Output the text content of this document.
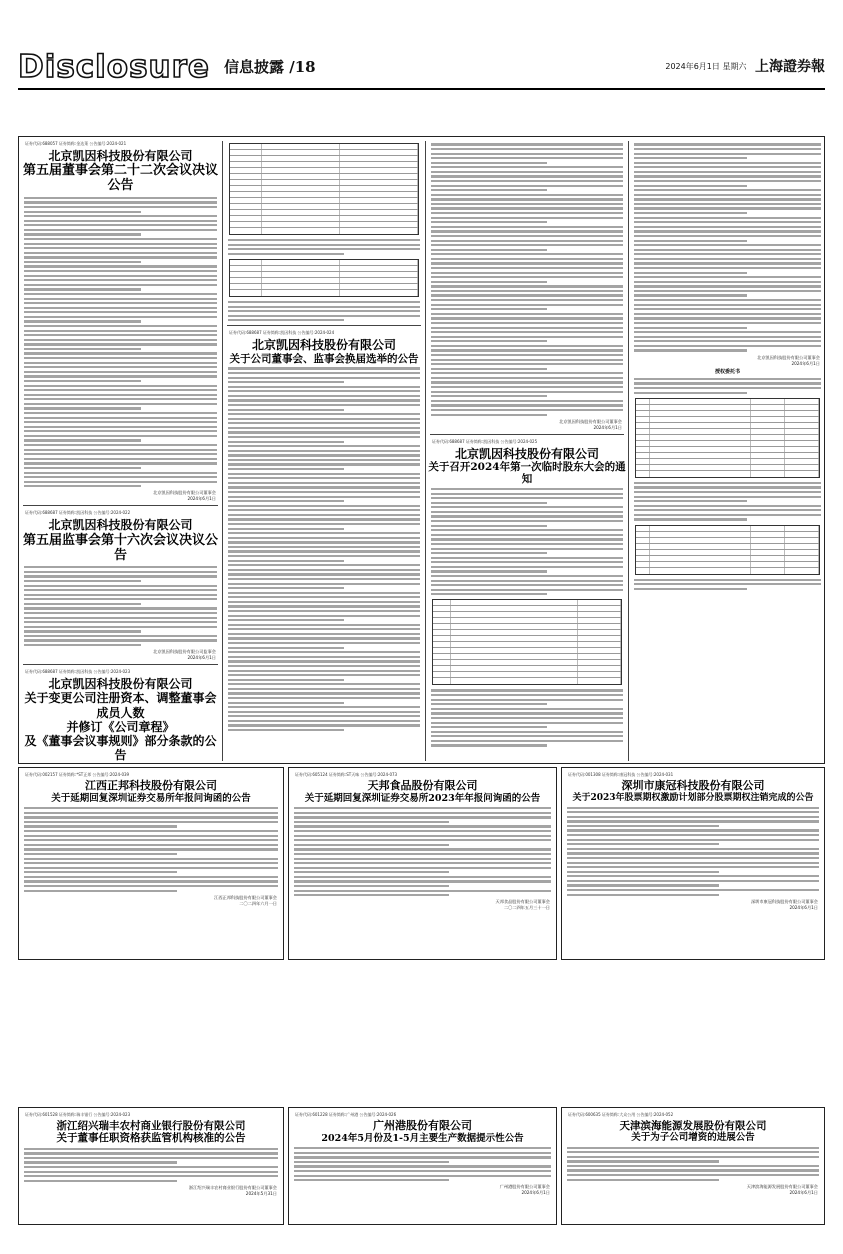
Disclosure 信息披露 /18	2024年6月1日 星期六 上海證券報
证券代码:688057 证券简称:金达莱 公告编号:2024-021
北京凯因科技股份有限公司
第五届董事会第二十二次会议决议公告
北京凯因科技股份有限公司董事会
2024年6月1日
证券代码:688687 证券简称:凯因科技 公告编号:2024-022
北京凯因科技股份有限公司
第五届监事会第十六次会议决议公告
北京凯因科技股份有限公司监事会
2024年6月1日
证券代码:688687 证券简称:凯因科技 公告编号:2024-023
北京凯因科技股份有限公司
关于变更公司注册资本、调整董事会成员人数
并修订《公司章程》
及《董事会议事规则》部分条款的公告
证券代码:688687 证券简称:凯因科技 公告编号:2024-024
北京凯因科技股份有限公司
关于公司董事会、监事会换届选举的公告
北京凯因科技股份有限公司董事会
2024年6月1日
证券代码:688687 证券简称:凯因科技 公告编号:2024-025
北京凯因科技股份有限公司
关于召开2024年第一次临时股东大会的通知
北京凯因科技股份有限公司董事会
2024年6月1日
授权委托书
证券代码:002157 证券简称:*ST正邦 公告编号:2024-039
江西正邦科技股份有限公司
关于延期回复深圳证券交易所年报问询函的公告
江西正邦科技股份有限公司董事会
二〇二四年六月一日
证券代码:605124 证券简称:ST天味 公告编号:2024-073
天邦食品股份有限公司
关于延期回复深圳证券交易所2023年年报问询函的公告
天邦食品股份有限公司董事会
二〇二四年五月三十一日
证券代码:001308 证券简称:康冠科技 公告编号:2024-031
深圳市康冠科技股份有限公司
关于2023年股票期权激励计划部分股票期权注销完成的公告
深圳市康冠科技股份有限公司董事会
2024年6月1日
证券代码:601528 证券简称:瑞丰银行 公告编号:2024-023
浙江绍兴瑞丰农村商业银行股份有限公司
关于董事任职资格获监管机构核准的公告
浙江绍兴瑞丰农村商业银行股份有限公司董事会
2024年5月31日
证券代码:601228 证券简称:广州港 公告编号:2024-026
广州港股份有限公司
2024年5月份及1-5月主要生产数据提示性公告
广州港股份有限公司董事会
2024年6月1日
证券代码:600635 证券简称:大众公用 公告编号:2024-052
天津滨海能源发展股份有限公司
关于为子公司增资的进展公告
天津滨海能源发展股份有限公司董事会
2024年6月1日
